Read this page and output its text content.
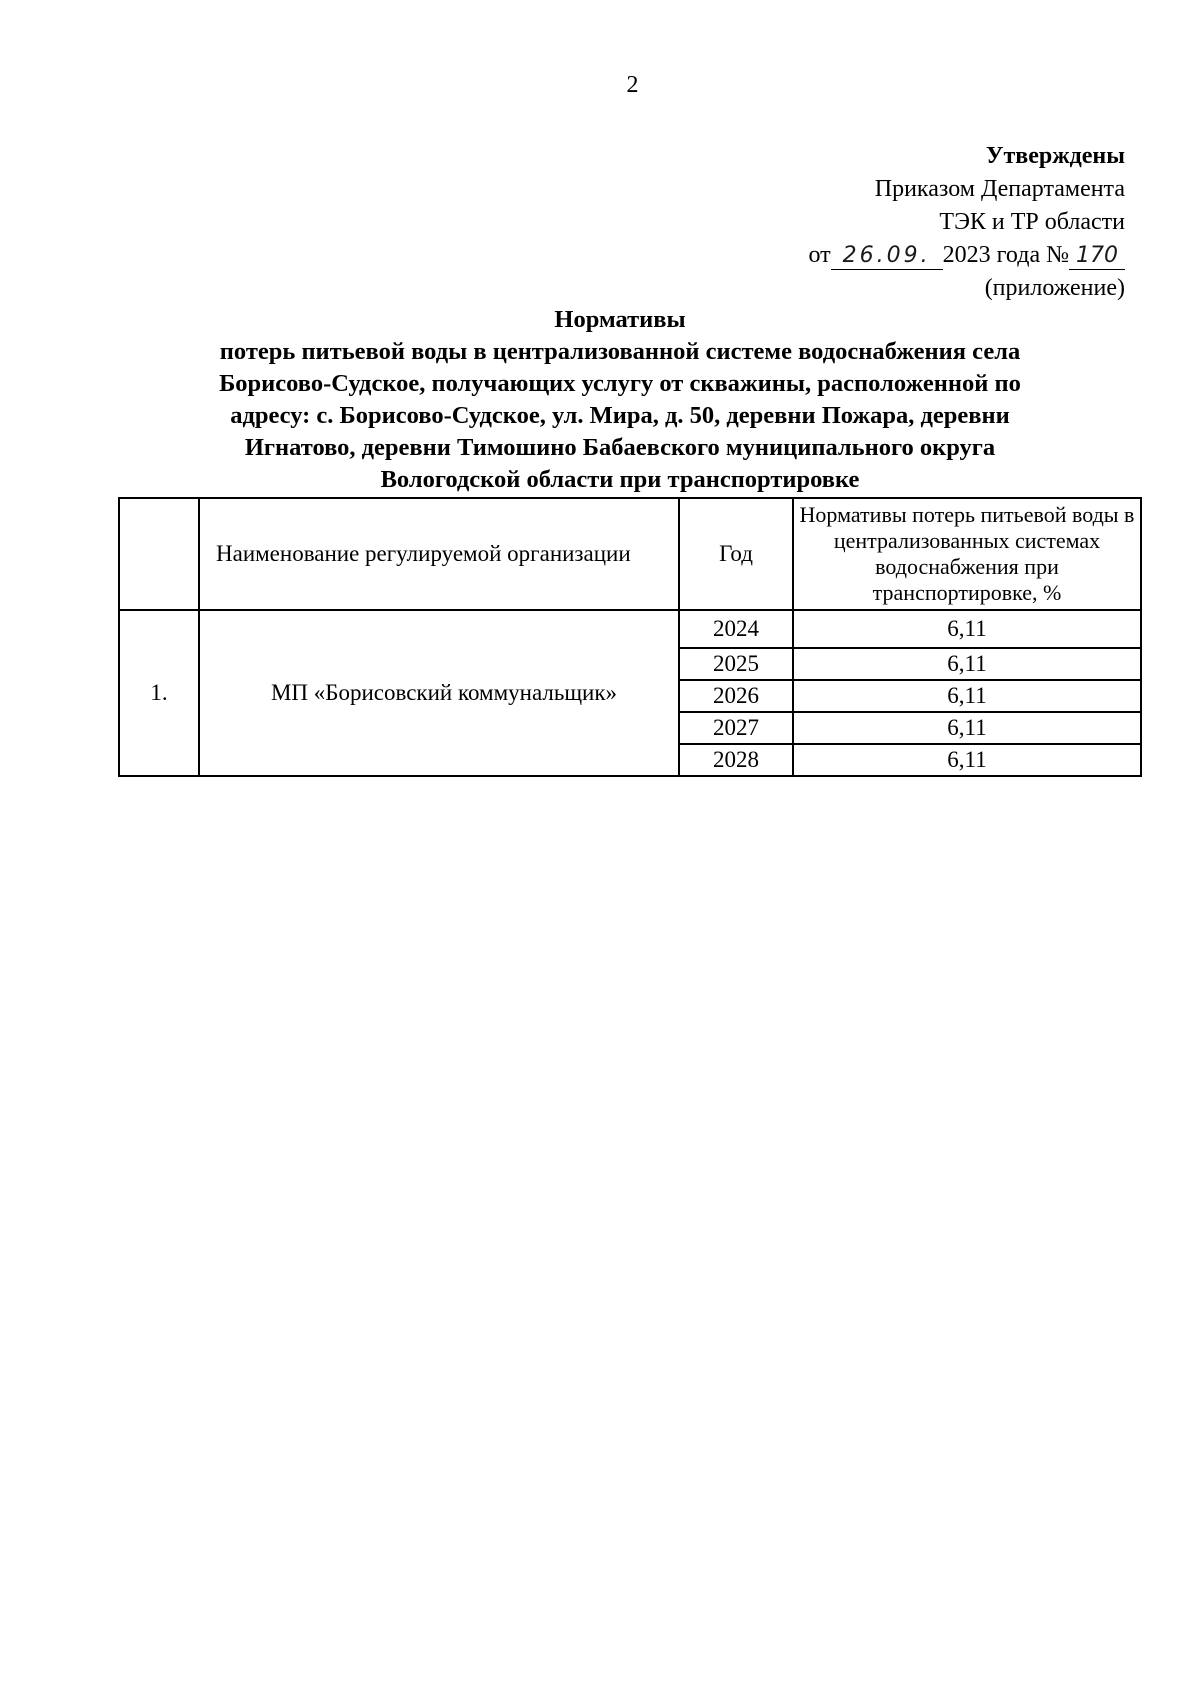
2
Утверждены
Приказом Департамента
ТЭК и ТР области
от 26.09. 2023 года № 170
(приложение)
Нормативы
потерь питьевой воды в централизованной системе водоснабжения села
Борисово-Судское, получающих услугу от скважины, расположенной по
адресу: с. Борисово-Судское, ул. Мира, д. 50, деревни Пожара, деревни
Игнатово, деревни Тимошино Бабаевского муниципального округа
Вологодской области при транспортировке
	Наименование регулируемой организации	Год	Нормативы потерь питьевой воды в централизованных системах водоснабжения при транспортировке, %
1.	МП «Борисовский коммунальщик»	2024	6,11
		2025	6,11
		2026	6,11
		2027	6,11
		2028	6,11
